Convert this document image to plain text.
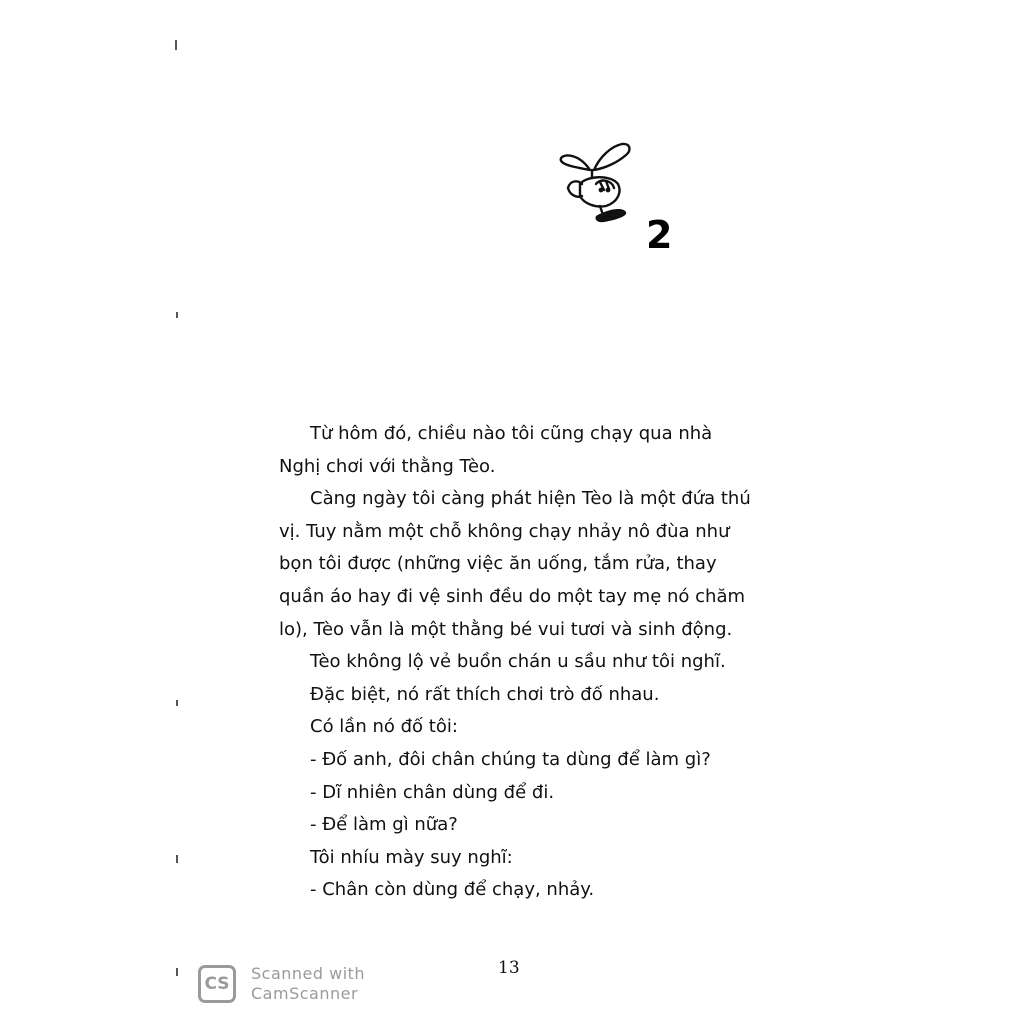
2
Từ hôm đó, chiều nào tôi cũng chạy qua nhà
Nghị chơi với thằng Tèo.
Càng ngày tôi càng phát hiện Tèo là một đứa thú
vị. Tuy nằm một chỗ không chạy nhảy nô đùa như
bọn tôi được (những việc ăn uống, tắm rửa, thay
quần áo hay đi vệ sinh đều do một tay mẹ nó chăm
lo), Tèo vẫn là một thằng bé vui tươi và sinh động.
Tèo không lộ vẻ buồn chán u sầu như tôi nghĩ.
Đặc biệt, nó rất thích chơi trò đố nhau.
Có lần nó đố tôi:
- Đố anh, đôi chân chúng ta dùng để làm gì?
- Dĩ nhiên chân dùng để đi.
- Để làm gì nữa?
Tôi nhíu mày suy nghĩ:
- Chân còn dùng để chạy, nhảy.
13
CS
Scanned with
CamScanner
